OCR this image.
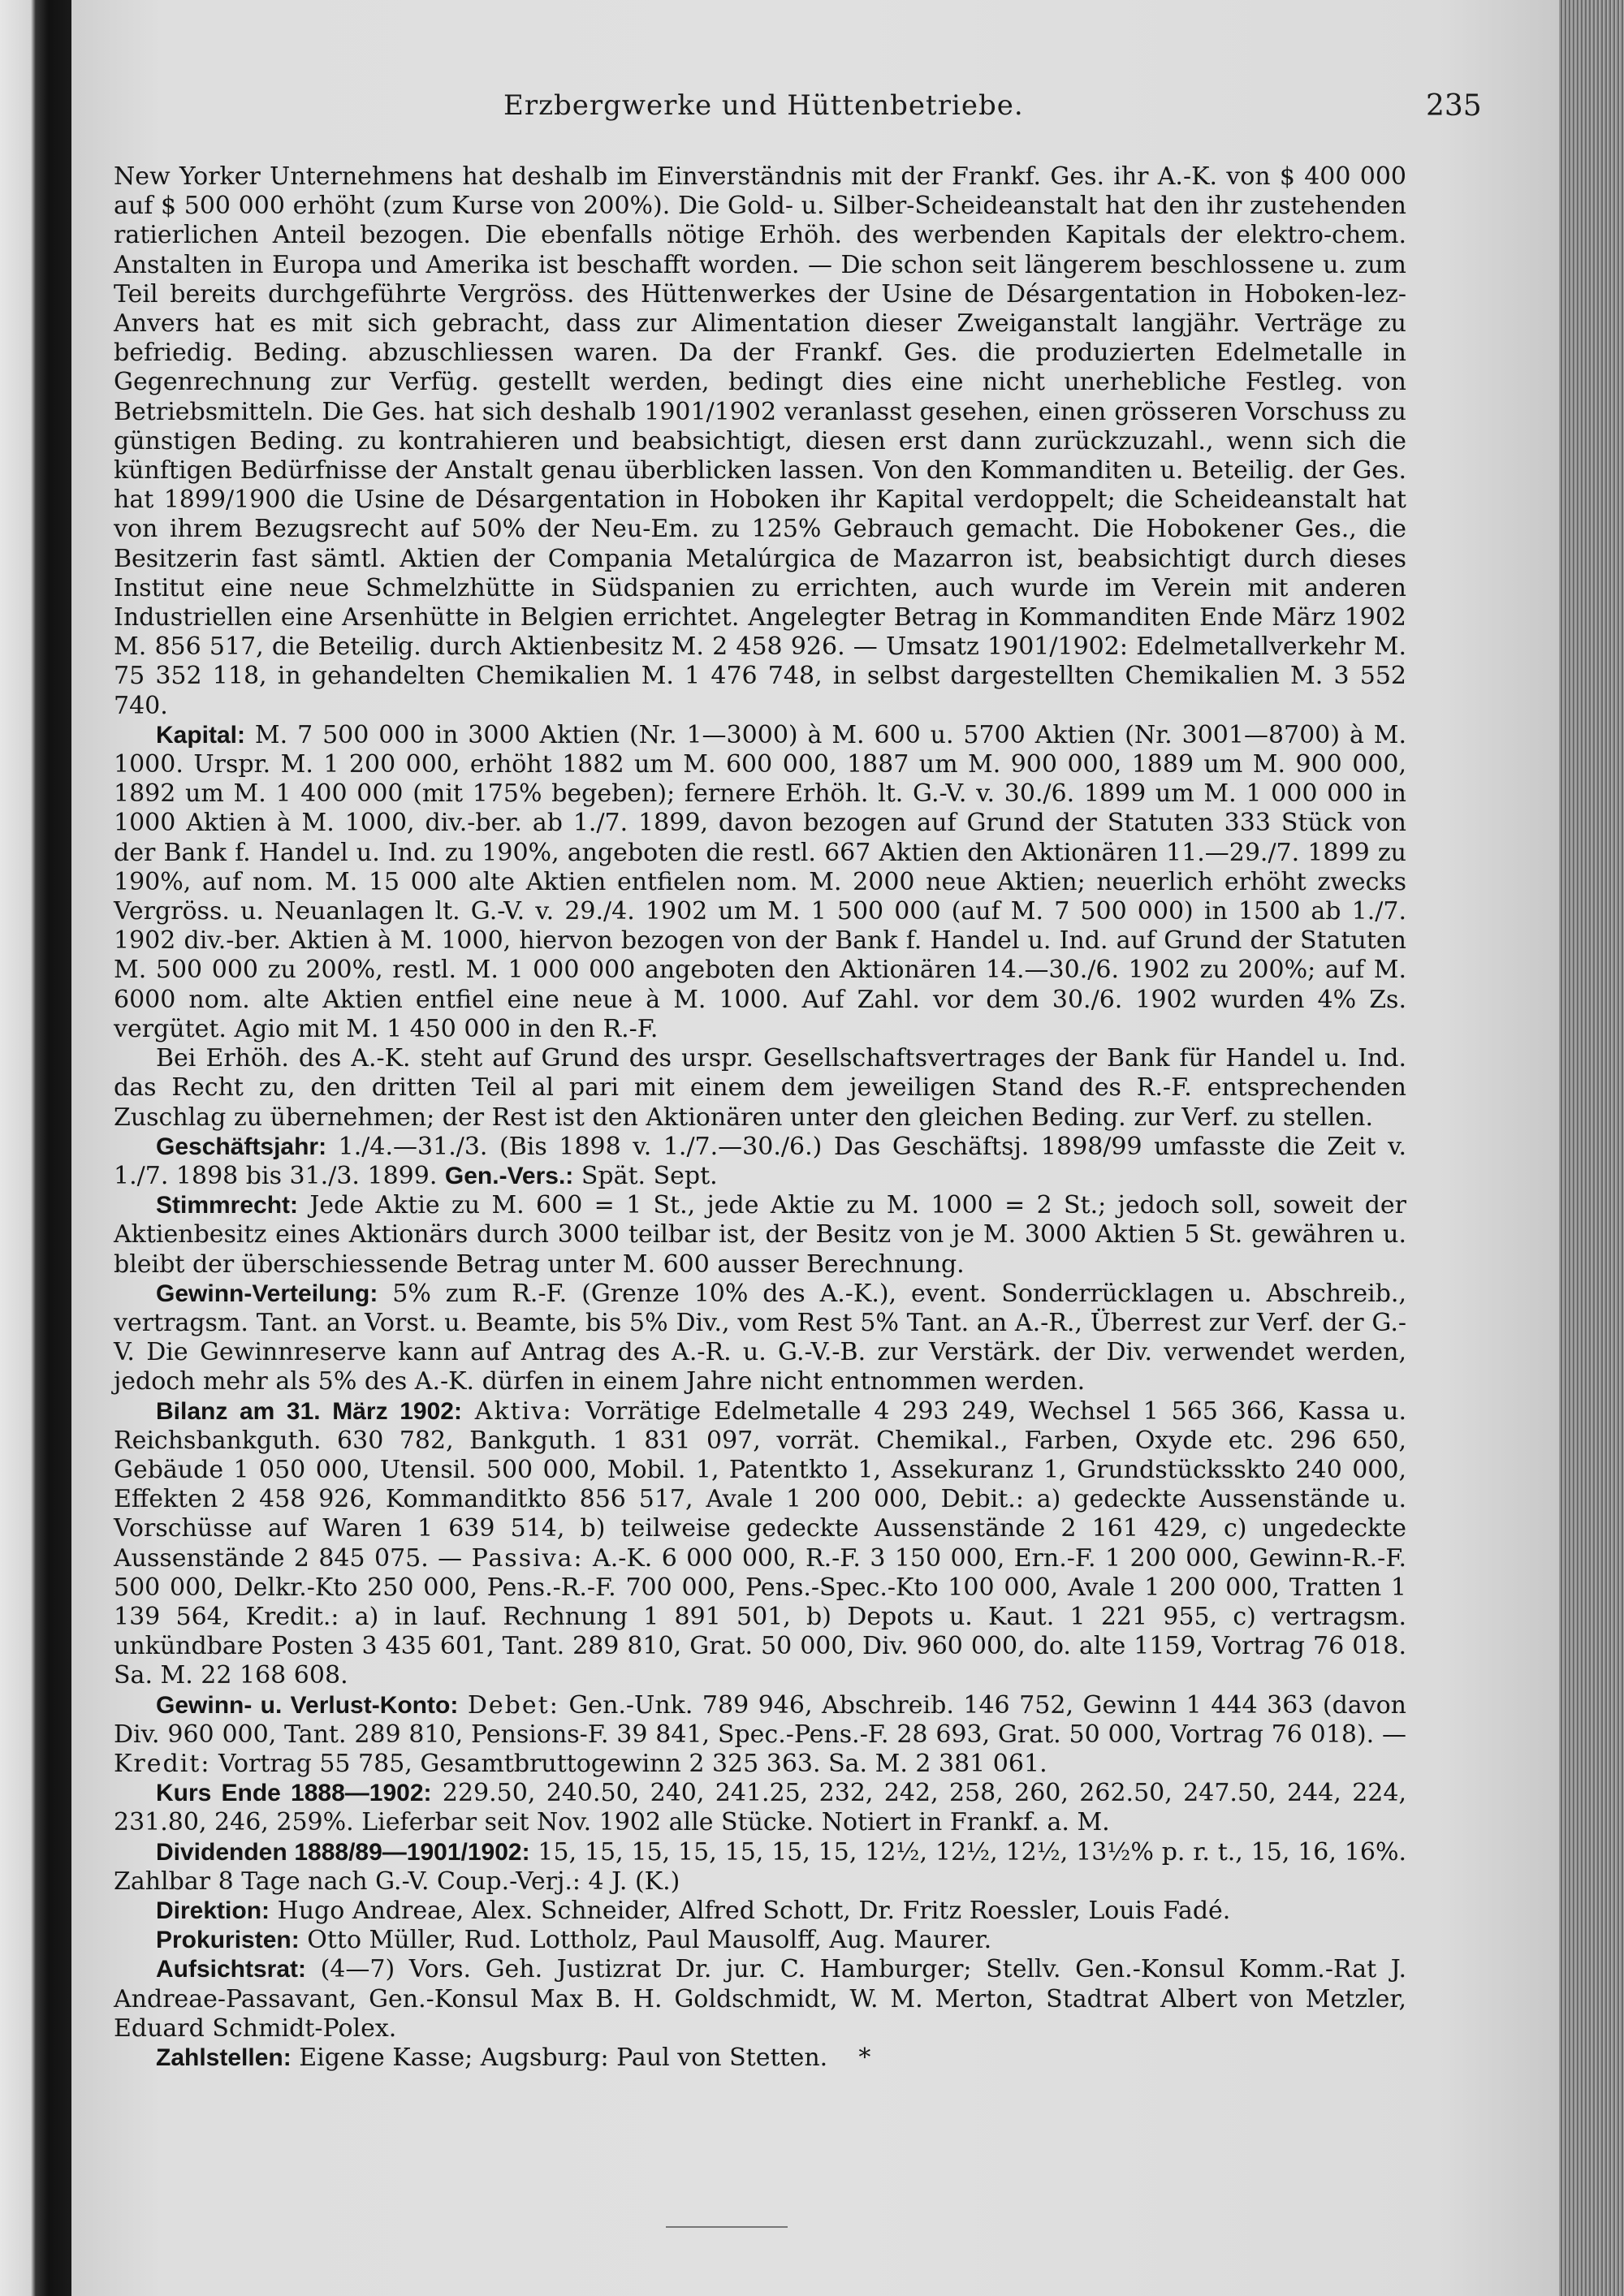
Erzbergwerke und Hüttenbetriebe.	235

New Yorker Unternehmens hat deshalb im Einverständnis mit der Frankf. Ges. ihr A.-K. von $ 400 000 auf $ 500 000 erhöht (zum Kurse von 200%). Die Gold- u. Silber-Scheideanstalt hat den ihr zustehenden ratierlichen Anteil bezogen. Die ebenfalls nötige Erhöh. des werbenden Kapitals der elektro-chem. Anstalten in Europa und Amerika ist beschafft worden. — Die schon seit längerem beschlossene u. zum Teil bereits durchgeführte Vergröss. des Hüttenwerkes der Usine de Désargentation in Hoboken-lez-Anvers hat es mit sich gebracht, dass zur Alimentation dieser Zweiganstalt langjähr. Verträge zu befriedig. Beding. abzuschliessen waren. Da der Frankf. Ges. die produzierten Edelmetalle in Gegenrechnung zur Verfüg. gestellt werden, bedingt dies eine nicht unerhebliche Festleg. von Betriebsmitteln. Die Ges. hat sich deshalb 1901/1902 veranlasst gesehen, einen grösseren Vorschuss zu günstigen Beding. zu kontrahieren und beabsichtigt, diesen erst dann zurückzuzahl., wenn sich die künftigen Bedürfnisse der Anstalt genau überblicken lassen. Von den Kommanditen u. Beteilig. der Ges. hat 1899/1900 die Usine de Désargentation in Hoboken ihr Kapital verdoppelt; die Scheideanstalt hat von ihrem Bezugsrecht auf 50% der Neu-Em. zu 125% Gebrauch gemacht. Die Hobokener Ges., die Besitzerin fast sämtl. Aktien der Compania Metalúrgica de Mazarron ist, beabsichtigt durch dieses Institut eine neue Schmelzhütte in Südspanien zu errichten, auch wurde im Verein mit anderen Industriellen eine Arsenhütte in Belgien errichtet. Angelegter Betrag in Kommanditen Ende März 1902 M. 856 517, die Beteilig. durch Aktienbesitz M. 2 458 926. — Umsatz 1901/1902: Edelmetallverkehr M. 75 352 118, in gehandelten Chemikalien M. 1 476 748, in selbst dargestellten Chemikalien M. 3 552 740.

Kapital: M. 7 500 000 in 3000 Aktien (Nr. 1—3000) à M. 600 u. 5700 Aktien (Nr. 3001—8700) à M. 1000. Urspr. M. 1 200 000, erhöht 1882 um M. 600 000, 1887 um M. 900 000, 1889 um M. 900 000, 1892 um M. 1 400 000 (mit 175% begeben); fernere Erhöh. lt. G.-V. v. 30./6. 1899 um M. 1 000 000 in 1000 Aktien à M. 1000, div.-ber. ab 1./7. 1899, davon bezogen auf Grund der Statuten 333 Stück von der Bank f. Handel u. Ind. zu 190%, angeboten die restl. 667 Aktien den Aktionären 11.—29./7. 1899 zu 190%, auf nom. M. 15 000 alte Aktien entfielen nom. M. 2000 neue Aktien; neuerlich erhöht zwecks Vergröss. u. Neuanlagen lt. G.-V. v. 29./4. 1902 um M. 1 500 000 (auf M. 7 500 000) in 1500 ab 1./7. 1902 div.-ber. Aktien à M. 1000, hiervon bezogen von der Bank f. Handel u. Ind. auf Grund der Statuten M. 500 000 zu 200%, restl. M. 1 000 000 angeboten den Aktionären 14.—30./6. 1902 zu 200%; auf M. 6000 nom. alte Aktien entfiel eine neue à M. 1000. Auf Zahl. vor dem 30./6. 1902 wurden 4% Zs. vergütet. Agio mit M. 1 450 000 in den R.-F.

Bei Erhöh. des A.-K. steht auf Grund des urspr. Gesellschaftsvertrages der Bank für Handel u. Ind. das Recht zu, den dritten Teil al pari mit einem dem jeweiligen Stand des R.-F. entsprechenden Zuschlag zu übernehmen; der Rest ist den Aktionären unter den gleichen Beding. zur Verf. zu stellen.

Geschäftsjahr: 1./4.—31./3. (Bis 1898 v. 1./7.—30./6.) Das Geschäftsj. 1898/99 umfasste die Zeit v. 1./7. 1898 bis 31./3. 1899. Gen.-Vers.: Spät. Sept.

Stimmrecht: Jede Aktie zu M. 600 = 1 St., jede Aktie zu M. 1000 = 2 St.; jedoch soll, soweit der Aktienbesitz eines Aktionärs durch 3000 teilbar ist, der Besitz von je M. 3000 Aktien 5 St. gewähren u. bleibt der überschiessende Betrag unter M. 600 ausser Berechnung.

Gewinn-Verteilung: 5% zum R.-F. (Grenze 10% des A.-K.), event. Sonderrücklagen u. Abschreib., vertragsm. Tant. an Vorst. u. Beamte, bis 5% Div., vom Rest 5% Tant. an A.-R., Überrest zur Verf. der G.-V. Die Gewinnreserve kann auf Antrag des A.-R. u. G.-V.-B. zur Verstärk. der Div. verwendet werden, jedoch mehr als 5% des A.-K. dürfen in einem Jahre nicht entnommen werden.

Bilanz am 31. März 1902: Aktiva: Vorrätige Edelmetalle 4 293 249, Wechsel 1 565 366, Kassa u. Reichsbankguth. 630 782, Bankguth. 1 831 097, vorrät. Chemikal., Farben, Oxyde etc. 296 650, Gebäude 1 050 000, Utensil. 500 000, Mobil. 1, Patentkto 1, Assekuranz 1, Grundstücksskto 240 000, Effekten 2 458 926, Kommanditkto 856 517, Avale 1 200 000, Debit.: a) gedeckte Aussenstände u. Vorschüsse auf Waren 1 639 514, b) teilweise gedeckte Aussenstände 2 161 429, c) ungedeckte Aussenstände 2 845 075. — Passiva: A.-K. 6 000 000, R.-F. 3 150 000, Ern.-F. 1 200 000, Gewinn-R.-F. 500 000, Delkr.-Kto 250 000, Pens.-R.-F. 700 000, Pens.-Spec.-Kto 100 000, Avale 1 200 000, Tratten 1 139 564, Kredit.: a) in lauf. Rechnung 1 891 501, b) Depots u. Kaut. 1 221 955, c) vertragsm. unkündbare Posten 3 435 601, Tant. 289 810, Grat. 50 000, Div. 960 000, do. alte 1159, Vortrag 76 018. Sa. M. 22 168 608.

Gewinn- u. Verlust-Konto: Debet: Gen.-Unk. 789 946, Abschreib. 146 752, Gewinn 1 444 363 (davon Div. 960 000, Tant. 289 810, Pensions-F. 39 841, Spec.-Pens.-F. 28 693, Grat. 50 000, Vortrag 76 018). — Kredit: Vortrag 55 785, Gesamtbruttogewinn 2 325 363. Sa. M. 2 381 061.

Kurs Ende 1888—1902: 229.50, 240.50, 240, 241.25, 232, 242, 258, 260, 262.50, 247.50, 244, 224, 231.80, 246, 259%. Lieferbar seit Nov. 1902 alle Stücke. Notiert in Frankf. a. M.

Dividenden 1888/89—1901/1902: 15, 15, 15, 15, 15, 15, 15, 12½, 12½, 12½, 13½% p. r. t., 15, 16, 16%. Zahlbar 8 Tage nach G.-V. Coup.-Verj.: 4 J. (K.)

Direktion: Hugo Andreae, Alex. Schneider, Alfred Schott, Dr. Fritz Roessler, Louis Fadé.

Prokuristen: Otto Müller, Rud. Lottholz, Paul Mausolff, Aug. Maurer.

Aufsichtsrat: (4—7) Vors. Geh. Justizrat Dr. jur. C. Hamburger; Stellv. Gen.-Konsul Komm.-Rat J. Andreae-Passavant, Gen.-Konsul Max B. H. Goldschmidt, W. M. Merton, Stadtrat Albert von Metzler, Eduard Schmidt-Polex.

Zahlstellen: Eigene Kasse; Augsburg: Paul von Stetten. *
